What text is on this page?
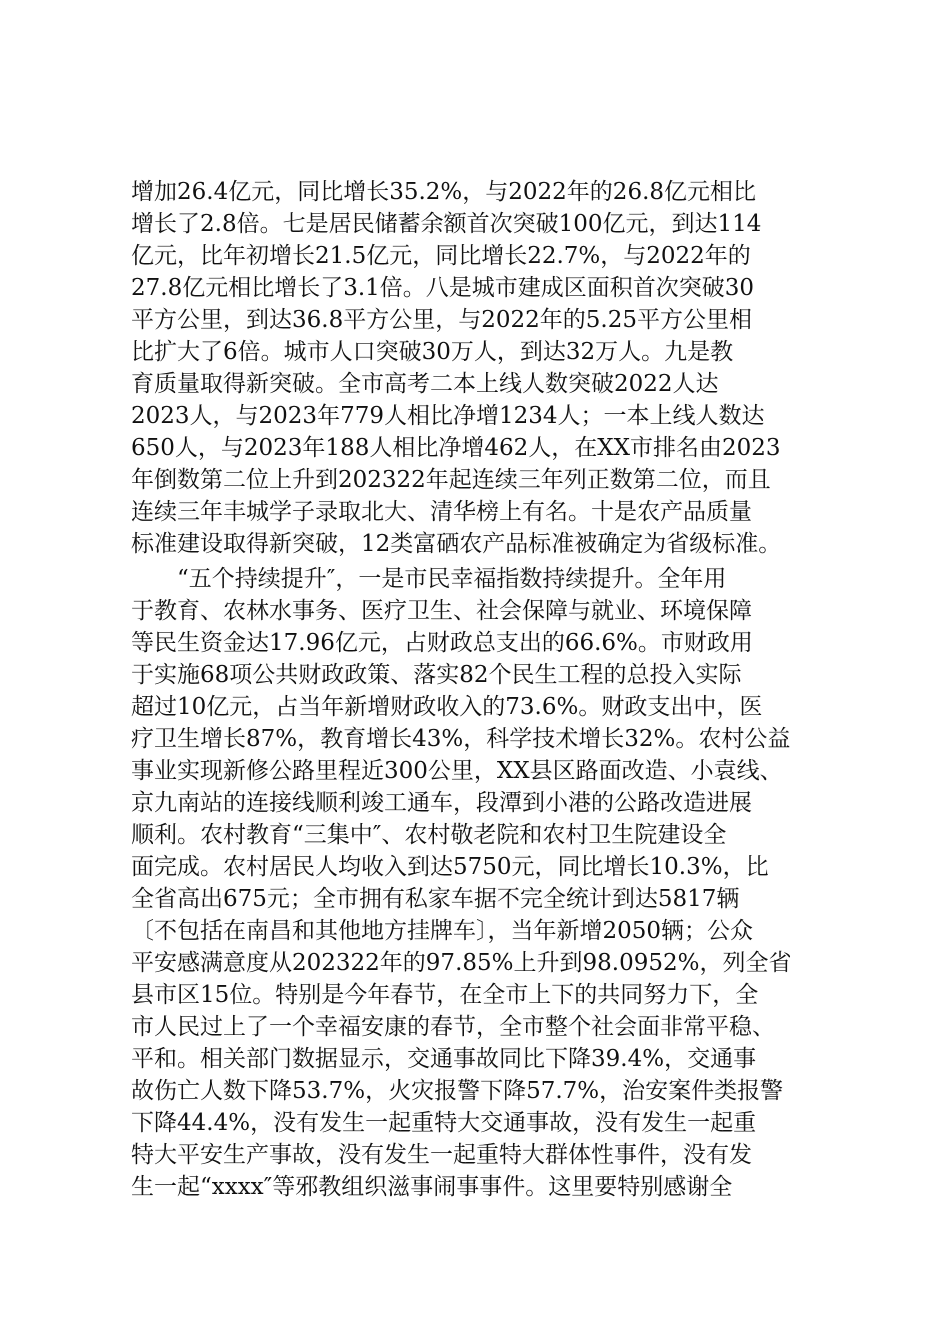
增加26.4亿元，同比增长35.2%，与2022年的26.8亿元相比
增长了2.8倍。七是居民储蓄余额首次突破100亿元，到达114
亿元，比年初增长21.5亿元，同比增长22.7%，与2022年的
27.8亿元相比增长了3.1倍。八是城市建成区面积首次突破30
平方公里，到达36.8平方公里，与2022年的5.25平方公里相
比扩大了6倍。城市人口突破30万人，到达32万人。九是教
育质量取得新突破。全市高考二本上线人数突破2022人达
2023人，与2023年779人相比净增1234人；一本上线人数达
650人，与2023年188人相比净增462人，在XX市排名由2023
年倒数第二位上升到202322年起连续三年列正数第二位，而且
连续三年丰城学子录取北大、清华榜上有名。十是农产品质量
标准建设取得新突破，12类富硒农产品标准被确定为省级标准。
　　“五个持续提升″，一是市民幸福指数持续提升。全年用
于教育、农林水事务、医疗卫生、社会保障与就业、环境保障
等民生资金达17.96亿元，占财政总支出的66.6%。市财政用
于实施68项公共财政政策、落实82个民生工程的总投入实际
超过10亿元，占当年新增财政收入的73.6%。财政支出中，医
疗卫生增长87%，教育增长43%，科学技术增长32%。农村公益
事业实现新修公路里程近300公里，XX县区路面改造、小袁线、
京九南站的连接线顺利竣工通车，段潭到小港的公路改造进展
顺利。农村教育“三集中″、农村敬老院和农村卫生院建设全
面完成。农村居民人均收入到达5750元，同比增长10.3%，比
全省高出675元；全市拥有私家车据不完全统计到达5817辆
〔不包括在南昌和其他地方挂牌车〕，当年新增2050辆；公众
平安感满意度从202322年的97.85%上升到98.0952%，列全省
县市区15位。特别是今年春节，在全市上下的共同努力下，全
市人民过上了一个幸福安康的春节，全市整个社会面非常平稳、
平和。相关部门数据显示，交通事故同比下降39.4%，交通事
故伤亡人数下降53.7%，火灾报警下降57.7%，治安案件类报警
下降44.4%，没有发生一起重特大交通事故，没有发生一起重
特大平安生产事故，没有发生一起重特大群体性事件，没有发
生一起“xxxx″等邪教组织滋事闹事事件。这里要特别感谢全
